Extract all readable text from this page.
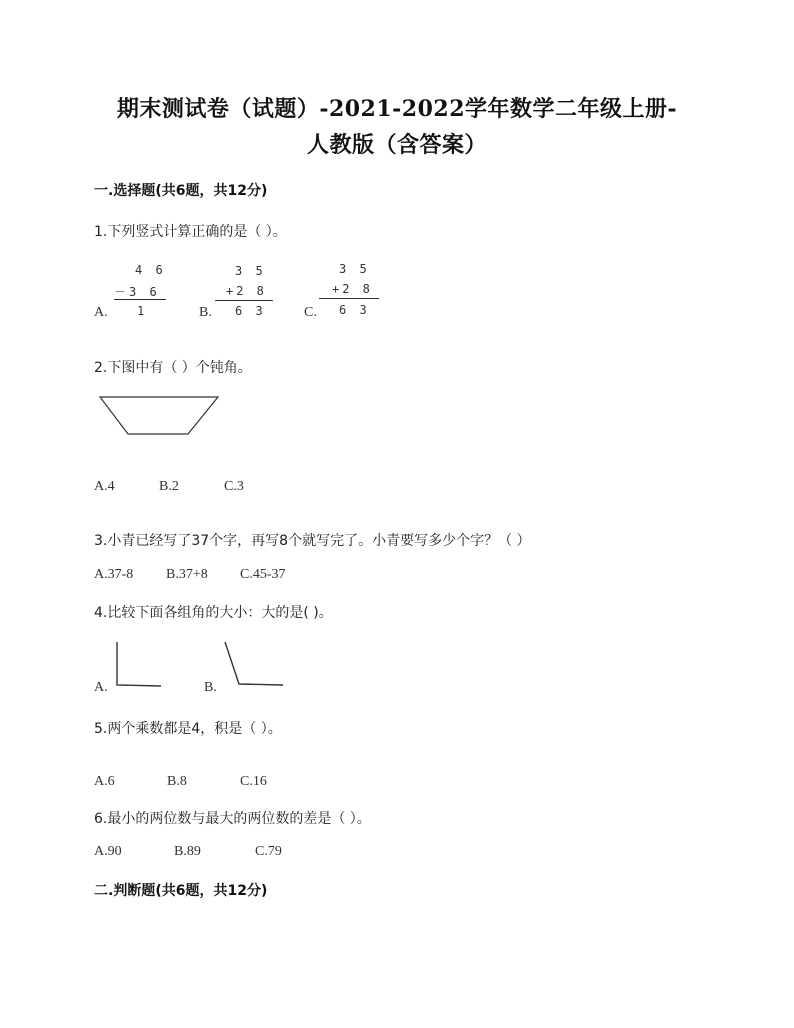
期末测试卷（试题）-2021-2022学年数学二年级上册-
人教版（含答案）
一.选择题(共6题，共12分)
1.下列竖式计算正确的是（ ）。
A.
4 6
－3 6
1	B.
3 5
+2 8
6 3	C.
3 5
+2 8
6 3
2.下图中有（ ）个钝角。
A.4	B.2	C.3
3.小青已经写了37个字，再写8个就写完了。小青要写多少个字？（ ）
A.37-8 B.37+8 C.45-37
4.比较下面各组角的大小：大的是( )。
A.	B.
5.两个乘数都是4，积是（ ）。
A.6	B.8	C.16
6.最小的两位数与最大的两位数的差是（ ）。
A.90	B.89	C.79
二.判断题(共6题，共12分)
